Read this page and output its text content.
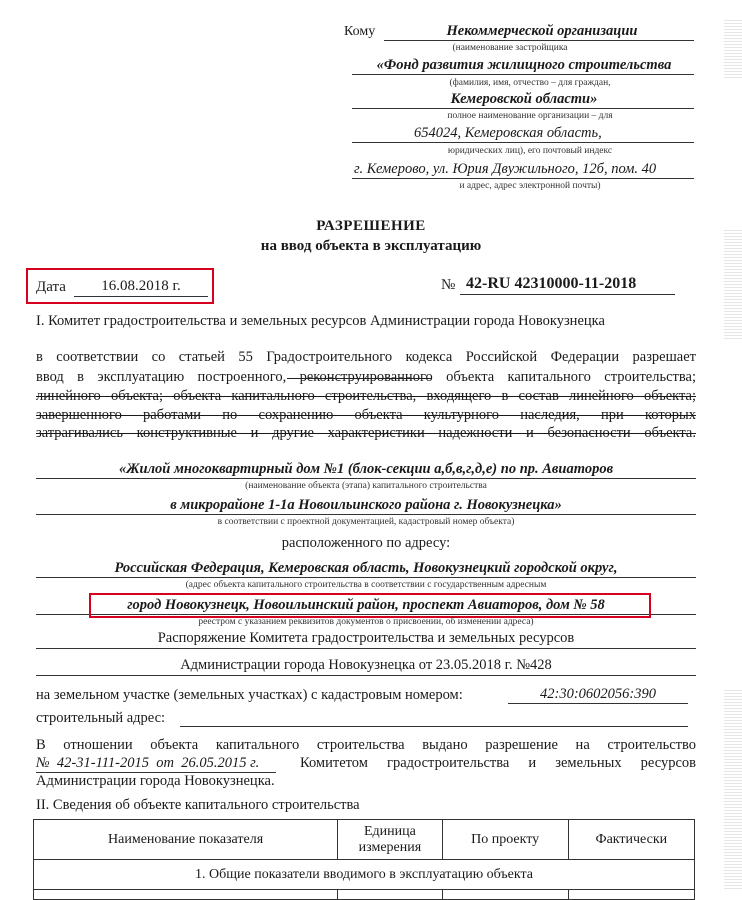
Кому	Некоммерческой организации
(наименование застройщика
«Фонд развития жилищного строительства
(фамилия, имя, отчество – для граждан,
Кемеровской области»
полное наименование организации – для
654024, Кемеровская область,
юридических лиц), его почтовый индекс
г. Кемерово, ул. Юрия Двужильного, 12б, пом. 40
и адрес, адрес электронной почты)
РАЗРЕШЕНИЕ
на ввод объекта в эксплуатацию
Дата	16.08.2018 г.	№ 42-RU 42310000-11-2018
I. Комитет градостроительства и земельных ресурсов Администрации города Новокузнецка
в соответствии со статьей 55 Градостроительного кодекса Российской Федерации разрешает
ввод в эксплуатацию построенного, реконструированного объекта капитального строительства;
линейного объекта; объекта капитального строительства, входящего в состав линейного объекта;
завершенного работами по сохранению объекта культурного наследия, при которых
затрагивались конструктивные и другие характеристики надежности и безопасности объекта.
«Жилой многоквартирный дом №1 (блок-секции а,б,в,г,д,е) по пр. Авиаторов
(наименование объекта (этапа) капитального строительства
в микрорайоне 1-1а Новоильинского района г. Новокузнецка»
в соответствии с проектной документацией, кадастровый номер объекта)
расположенного по адресу:
Российская Федерация, Кемеровская область, Новокузнецкий городской округ,
(адрес объекта капитального строительства в соответствии с государственным адресным
город Новокузнецк, Новоильинский район, проспект Авиаторов, дом № 58
реестром с указанием реквизитов документов о присвоении, об изменении адреса)
Распоряжение Комитета градостроительства и земельных ресурсов
Администрации города Новокузнецка от 23.05.2018 г. №428
на земельном участке (земельных участках) с кадастровым номером:	42:30:0602056:390
строительный адрес:
В отношении объекта капитального строительства выдано разрешение на строительство
№  42-31-111-2015  от  26.05.2015 г.	Комитетом градостроительства и земельных ресурсов
Администрации города Новокузнецка.
II. Сведения об объекте капитального строительства
Наименование показателя	Единица измерения	По проекту	Фактически
1. Общие показатели вводимого в эксплуатацию объекта			
